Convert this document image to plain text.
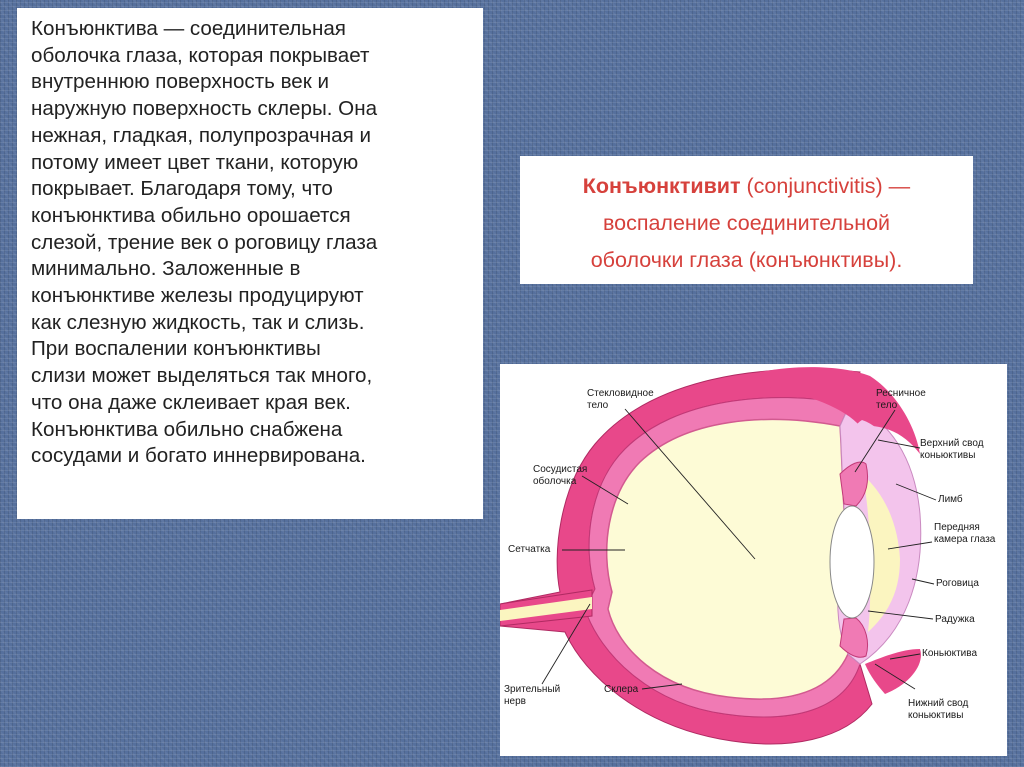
Конъюнктива — соединительная
оболочка глаза, которая покрывает
внутреннюю поверхность век и
наружную поверхность склеры. Она
нежная, гладкая, полупрозрачная и
потому имеет цвет ткани, которую
покрывает. Благодаря тому, что
конъюнктива обильно орошается
слезой, трение век о роговицу глаза
минимально. Заложенные в
конъюнктиве железы продуцируют
как слезную жидкость, так и слизь.
При воспалении конъюнктивы
слизи может выделяться так много,
что она даже склеивает края век.
Конъюнктива обильно снабжена
сосудами и богато иннервирована.

Конъюнктивит (conjunctivitis) —
воспаление соединительной
оболочки глаза (конъюнктивы).

Стекловидное
тело
Ресничное
тело
Верхний свод
коньюктивы
Сосудистая
оболочка
Лимб
Передняя
камера глаза
Сетчатка
Роговица
Радужка
Коньюктива
Зрительный
нерв
Склера
Нижний свод
коньюктивы
